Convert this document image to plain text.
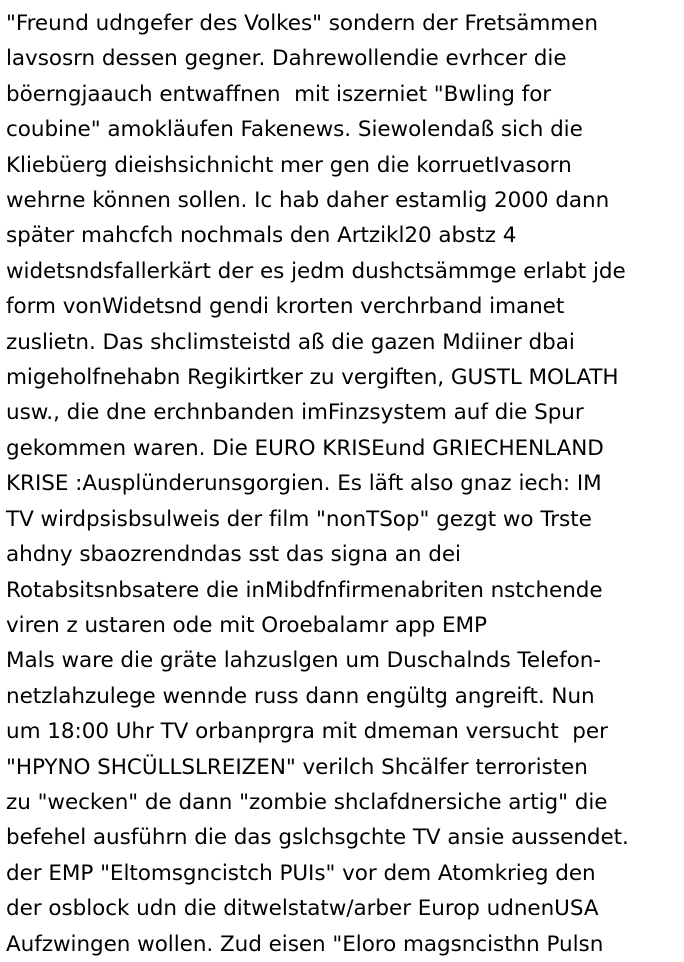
"Freund udngefer des Volkes" sondern der Fretsämmen
lavsosrn dessen gegner. Dahrewollendie evrhcer die
böerngjaauch entwaffnen  mit iszerniet "Bwling for
coubine" amokläufen Fakenews. Siewolendaß sich die
Kliebüerg dieishsichnicht mer gen die korruetIvasorn
wehrne können sollen. Ic hab daher estamlig 2000 dann
später mahcfch nochmals den Artzikl20 abstz 4
widetsndsfallerkärt der es jedm dushctsämmge erlabt jde
form vonWidetsnd gendi krorten verchrband imanet
zuslietn. Das shclimsteistd aß die gazen Mdiiner dbai
migeholfnehabn Regikirtker zu vergiften, GUSTL MOLATH
usw., die dne erchnbanden imFinzsystem auf die Spur
gekommen waren. Die EURO KRISEund GRIECHENLAND
KRISE :Ausplünderunsgorgien. Es läft also gnaz iech: IM
TV wirdpsisbsulweis der film "nonTSop" gezgt wo Trste
ahdny sbaozrendndas sst das signa an dei
Rotabsitsnbsatere die inMibdfnfirmenabriten nstchende
viren z ustaren ode mit Oroebalamr app EMP
Mals ware die gräte lahzuslgen um Duschalnds Telefon-
netzlahzulege wennde russ dann engültg angreift. Nun
um 18:00 Uhr TV orbanprgra mit dmeman versucht  per
"HPYNO SHCÜLLSLREIZEN" verilch Shcälfer terroristen
zu "wecken" de dann "zombie shclafdnersiche artig" die
befehel ausführn die das gslchsgchte TV ansie aussendet.
der EMP "Eltomsgncistch PUIs" vor dem Atomkrieg den
der osblock udn die ditwelstatw/arber Europ udnenUSA
Aufzwingen wollen. Zud eisen "Eloro magsncisthn Pulsn
